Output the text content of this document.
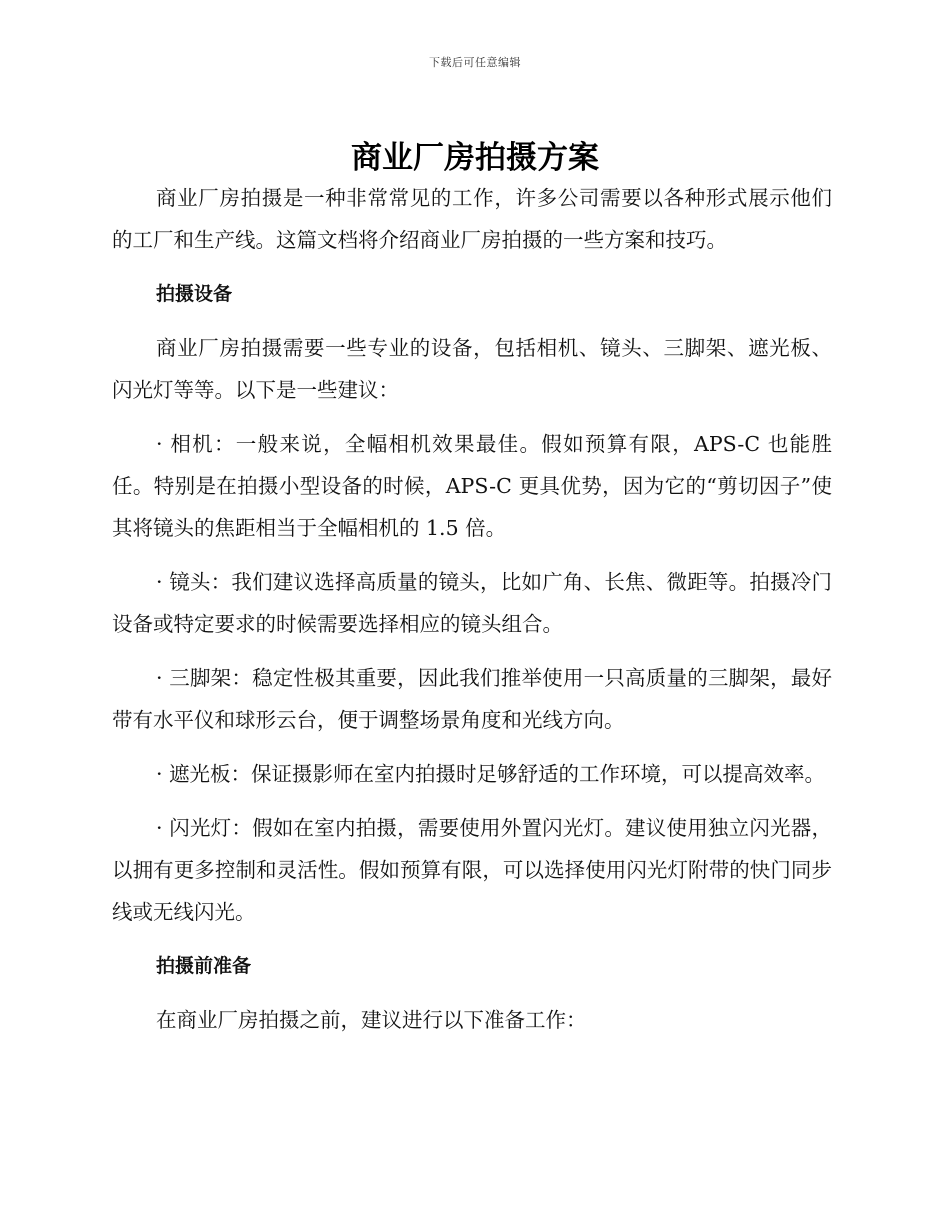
下载后可任意编辑
商业厂房拍摄方案

商业厂房拍摄是一种非常常见的工作，许多公司需要以各种形式展示他们的工厂和生产线。这篇文档将介绍商业厂房拍摄的一些方案和技巧。

拍摄设备

商业厂房拍摄需要一些专业的设备，包括相机、镜头、三脚架、遮光板、闪光灯等等。以下是一些建议：

· 相机：一般来说，全幅相机效果最佳。假如预算有限，APS-C 也能胜任。特别是在拍摄小型设备的时候，APS-C 更具优势，因为它的“剪切因子”使其将镜头的焦距相当于全幅相机的 1.5 倍。

· 镜头：我们建议选择高质量的镜头，比如广角、长焦、微距等。拍摄冷门设备或特定要求的时候需要选择相应的镜头组合。

· 三脚架：稳定性极其重要，因此我们推举使用一只高质量的三脚架，最好带有水平仪和球形云台，便于调整场景角度和光线方向。

· 遮光板：保证摄影师在室内拍摄时足够舒适的工作环境，可以提高效率。

· 闪光灯：假如在室内拍摄，需要使用外置闪光灯。建议使用独立闪光器，以拥有更多控制和灵活性。假如预算有限，可以选择使用闪光灯附带的快门同步线或无线闪光。

拍摄前准备

在商业厂房拍摄之前，建议进行以下准备工作：
